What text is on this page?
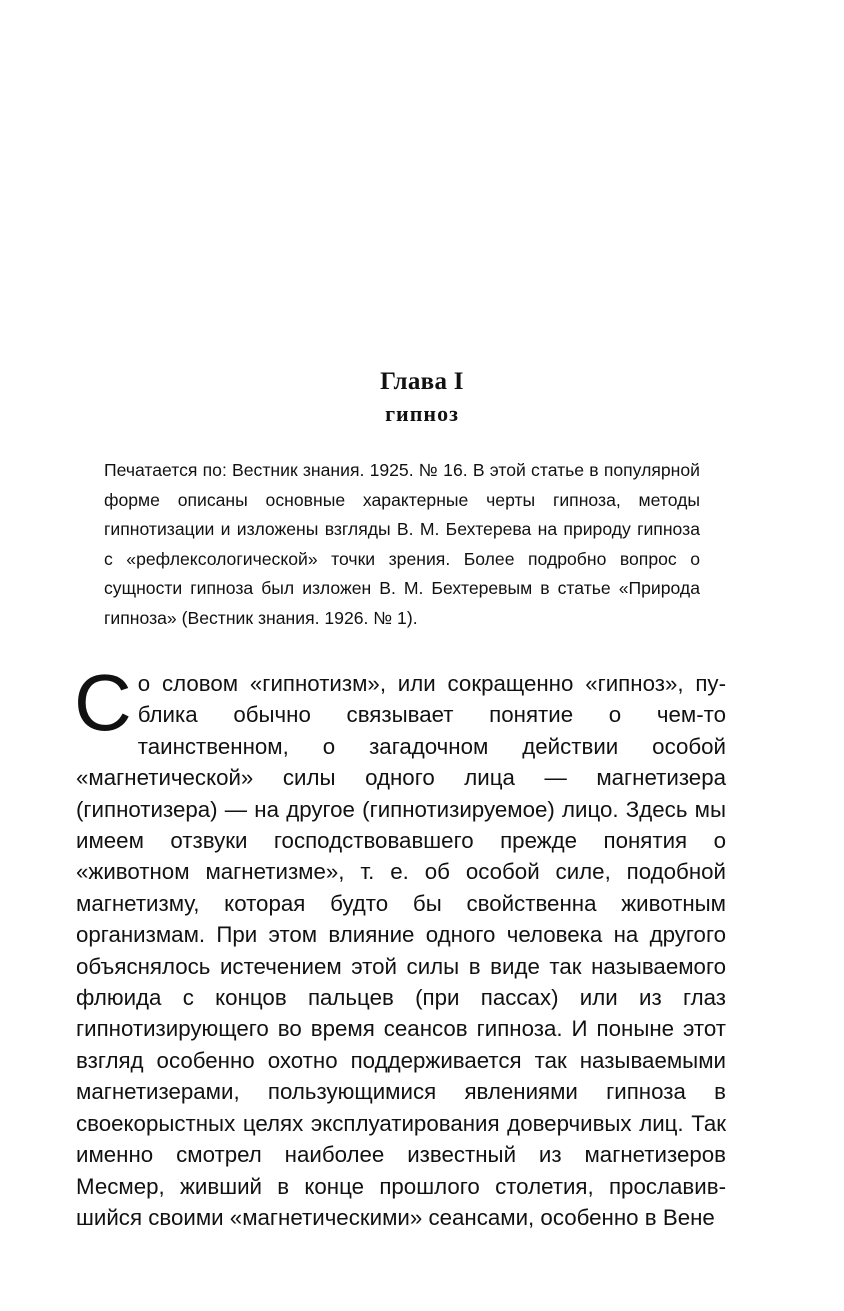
Глава I
гипноз
Печатается по: Вестник знания. 1925. № 16. В этой статье в популярной форме описаны основные характерные черты гипноза, методы гипнотизации и изложены взгляды В. М. Бехтерева на природу гипноза с «рефлексологической» точки зрения. Более подробно вопрос о сущности гипноза был изложен В. М. Бехтеревым в статье «Природа гипноза» (Вестник знания. 1926. № 1).

Со словом «гипнотизм», или сокращенно «гипноз», публика обычно связывает понятие о чем-то таинственном, о загадочном действии особой «магнетической» силы одного лица — магнетизера (гипнотизера) — на другое (гипнотизируемое) лицо. Здесь мы имеем отзвуки господствовавшего прежде понятия о «животном магнетизме», т. е. об особой силе, подобной магнетизму, которая будто бы свойственна животным организмам. При этом влияние одного человека на другого объяснялось истечением этой силы в виде так называемого флюида с концов пальцев (при пассах) или из глаз гипнотизирующего во время сеансов гипноза. И поныне этот взгляд особенно охотно поддерживается так называемыми магнетизерами, пользующимися явлениями гипноза в своекорыстных целях эксплуатирования доверчивых лиц. Так именно смотрел наиболее известный из магнетизеров Месмер, живший в конце прошлого столетия, прославившийся своими «магнетическими» сеансами, особенно в Вене
